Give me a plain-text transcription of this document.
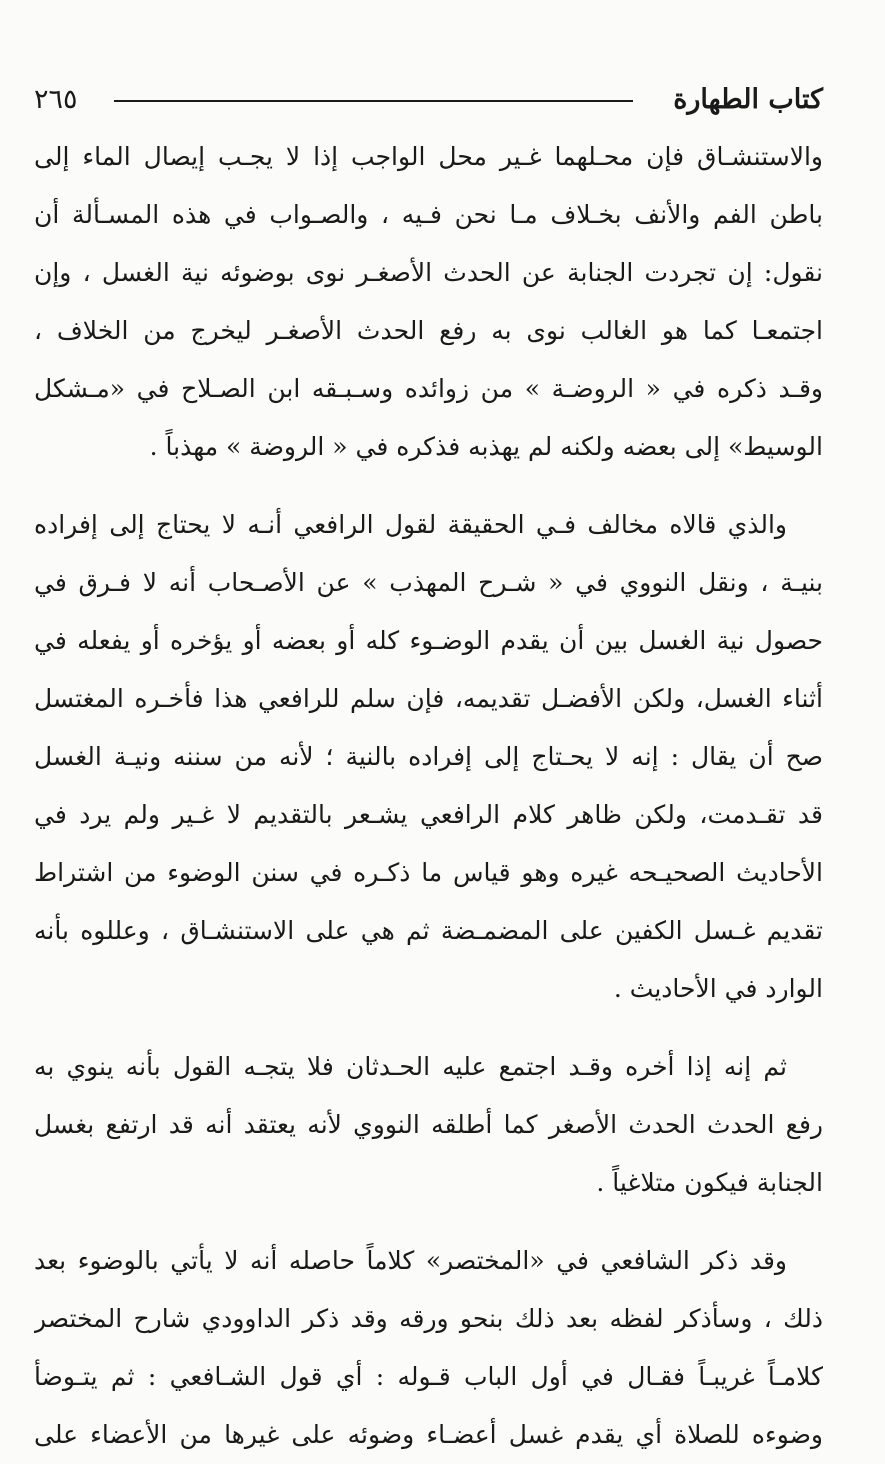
كتاب الطهارة
٢٦٥
والاستنشـاق فإن محـلهما غـير محل الواجب إذا لا يجـب إيصال الماء إلى
باطن الفم والأنف بخـلاف مـا نحن فـيه ، والصـواب في هذه المسـألة أن
نقول: إن تجردت الجنابة عن الحدث الأصغـر نوى بوضوئه نية الغسل ، وإن
اجتمعـا كما هو الغالب نوى به رفع الحدث الأصغـر ليخرج من الخلاف ،
وقـد ذكره في « الروضـة » من زوائده وسـبـقه ابن الصـلاح في «مـشكل
الوسيط» إلى بعضه ولكنه لم يهذبه فذكره في « الروضة » مهذباً .
والذي قالاه مخالف فـي الحقيقة لقول الرافعي أنـه لا يحتاج إلى إفراده
بنيـة ، ونقل النووي في « شـرح المهذب » عن الأصـحاب أنه لا فـرق في
حصول نية الغسل بين أن يقدم الوضـوء كله أو بعضه أو يؤخره أو يفعله في
أثناء الغسل، ولكن الأفضـل تقديمه، فإن سلم للرافعي هذا فأخـره المغتسل
صح أن يقال : إنه لا يحـتاج إلى إفراده بالنية ؛ لأنه من سننه ونيـة الغسل
قد تقـدمت، ولكن ظاهر كلام الرافعي يشـعر بالتقديم لا غـير ولم يرد في
الأحاديث الصحيـحه غيره وهو قياس ما ذكـره في سنن الوضوء من اشتراط
تقديم غـسل الكفين على المضمـضة ثم هي على الاستنشـاق ، وعللوه بأنه
الوارد في الأحاديث .
ثم إنه إذا أخره وقـد اجتمع عليه الحـدثان فلا يتجـه القول بأنه ينوي به
رفع الحدث الحدث الأصغر كما أطلقه النووي لأنه يعتقد أنه قد ارتفع بغسل
الجنابة فيكون متلاغياً .
وقد ذكر الشافعي في «المختصر» كلاماً حاصله أنه لا يأتي بالوضوء بعد
ذلك ، وسأذكر لفظه بعد ذلك بنحو ورقه وقد ذكر الداوودي شارح المختصر
كلامـاً غريبـاً فقـال في أول الباب قـوله : أي قول الشـافعي : ثم يتـوضأ
وضوءه للصلاة أي يقدم غسل أعضـاء وضوئه على غيرها من الأعضاء على
